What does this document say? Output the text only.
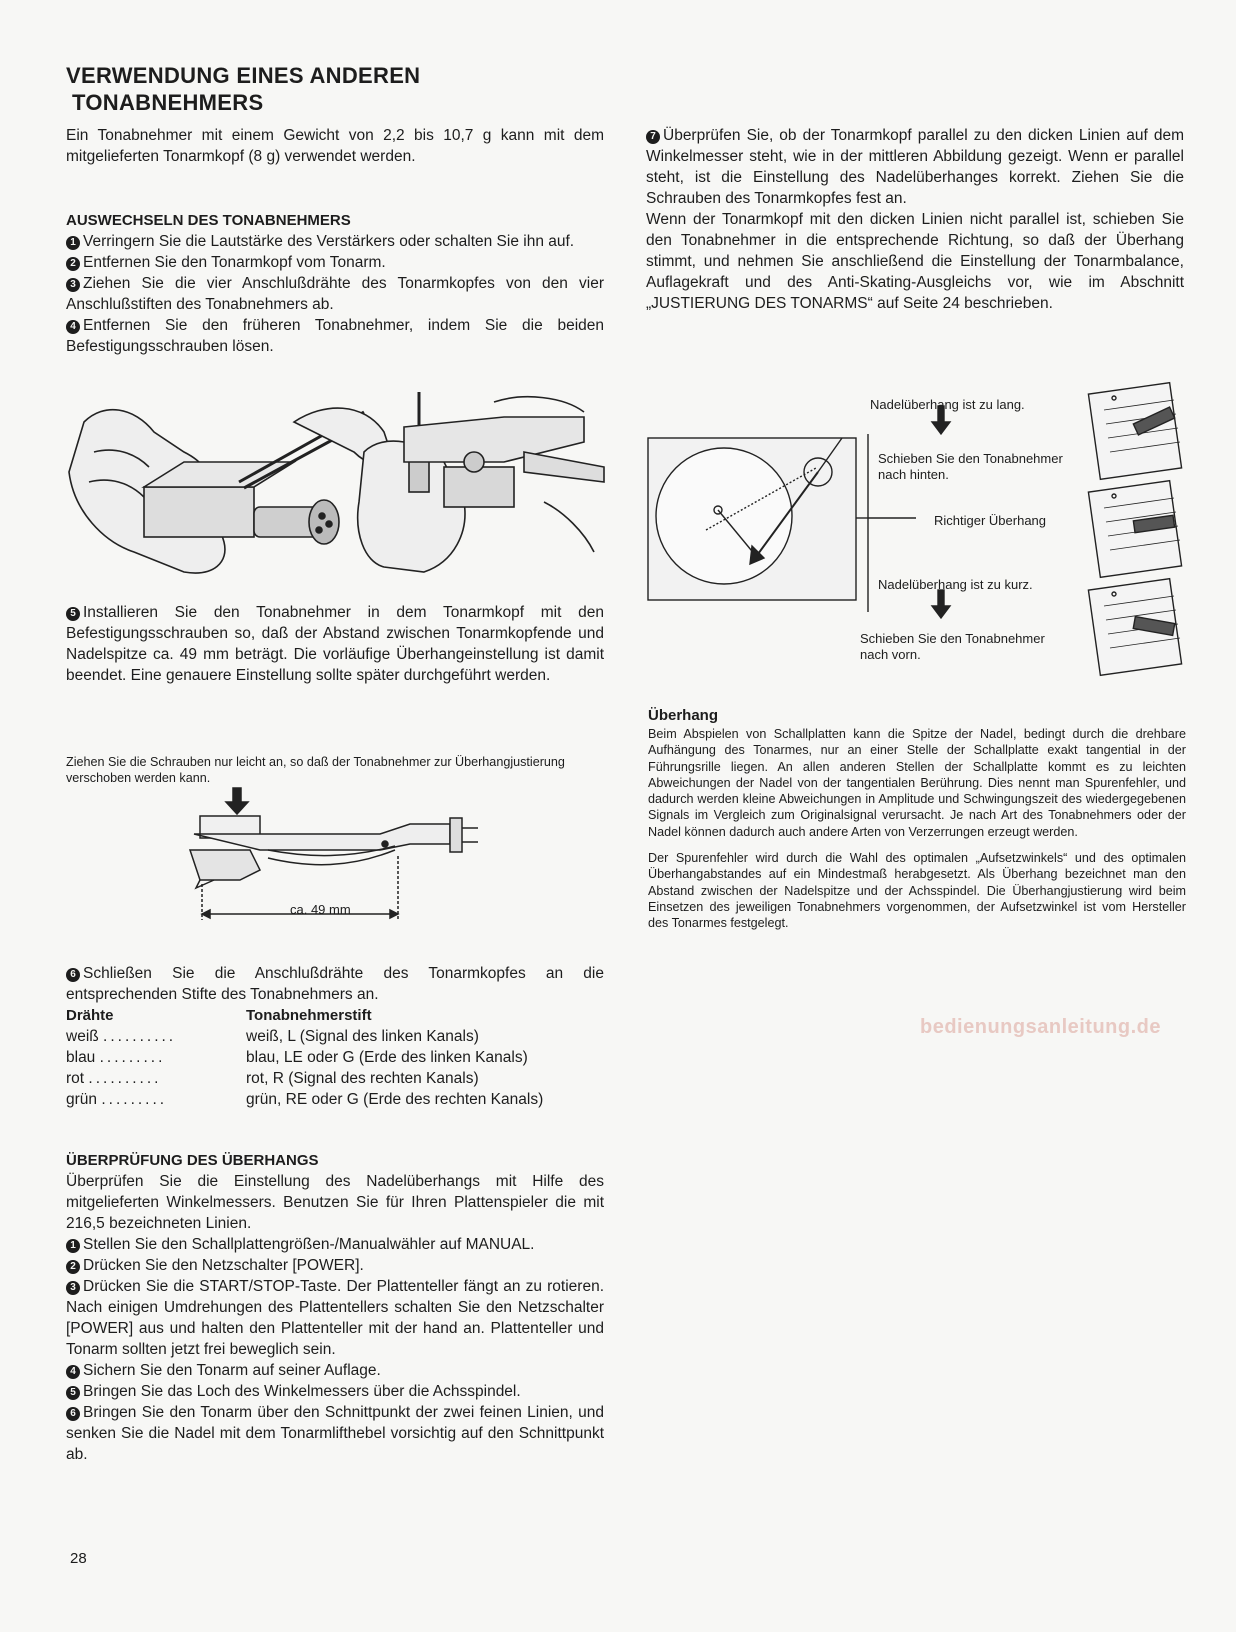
VERWENDUNG EINES ANDEREN
TONABNEHMERS

Ein Tonabnehmer mit einem Gewicht von 2,2 bis 10,7 g kann mit dem mitgelieferten Tonarmkopf (8 g) verwendet werden.

AUSWECHSELN DES TONABNEHMERS

1 Verringern Sie die Lautstärke des Verstärkers oder schalten Sie ihn auf.

2 Entfernen Sie den Tonarmkopf vom Tonarm.

3 Ziehen Sie die vier Anschlußdrähte des Tonarmkopfes von den vier Anschlußstiften des Tonabnehmers ab.

4 Entfernen Sie den früheren Tonabnehmer, indem Sie die beiden Befestigungsschrauben lösen.

5 Installieren Sie den Tonabnehmer in dem Tonarmkopf mit den Befestigungsschrauben so, daß der Abstand zwischen Tonarmkopfende und Nadelspitze ca. 49 mm beträgt. Die vorläufige Überhangeinstellung ist damit beendet. Eine genauere Einstellung sollte später durchgeführt werden.

Ziehen Sie die Schrauben nur leicht an, so daß der Tonabnehmer zur Überhangjustierung verschoben werden kann.

ca. 49 mm

6 Schließen Sie die Anschlußdrähte des Tonarmkopfes an die entsprechenden Stifte des Tonabnehmers an.

Drähte	Tonabnehmerstift
weiß ..........	weiß, L (Signal des linken Kanals)
blau .........	blau, LE oder G (Erde des linken Kanals)
rot ..........	rot, R (Signal des rechten Kanals)
grün .........	grün, RE oder G (Erde des rechten Kanals)

ÜBERPRÜFUNG DES ÜBERHANGS

Überprüfen Sie die Einstellung des Nadelüberhangs mit Hilfe des mitgelieferten Winkelmessers. Benutzen Sie für Ihren Plattenspieler die mit 216,5 bezeichneten Linien.

1 Stellen Sie den Schallplattengrößen-/Manualwähler auf MANUAL.

2 Drücken Sie den Netzschalter [POWER].

3 Drücken Sie die START/STOP-Taste. Der Plattenteller fängt an zu rotieren. Nach einigen Umdrehungen des Plattentellers schalten Sie den Netzschalter [POWER] aus und halten den Plattenteller mit der hand an. Plattenteller und Tonarm sollten jetzt frei beweglich sein.

4 Sichern Sie den Tonarm auf seiner Auflage.

5 Bringen Sie das Loch des Winkelmessers über die Achsspindel.

6 Bringen Sie den Tonarm über den Schnittpunkt der zwei feinen Linien, und senken Sie die Nadel mit dem Tonarmlifthebel vorsichtig auf den Schnittpunkt ab.

28

7 Überprüfen Sie, ob der Tonarmkopf parallel zu den dicken Linien auf dem Winkelmesser steht, wie in der mittleren Abbildung gezeigt. Wenn er parallel steht, ist die Einstellung des Nadelüberhanges korrekt. Ziehen Sie die Schrauben des Tonarmkopfes fest an.

Wenn der Tonarmkopf mit den dicken Linien nicht parallel ist, schieben Sie den Tonabnehmer in die entsprechende Richtung, so daß der Überhang stimmt, und nehmen Sie anschließend die Einstellung der Tonarmbalance, Auflagekraft und des Anti-Skating-Ausgleichs vor, wie im Abschnitt „JUSTIERUNG DES TONARMS“ auf Seite 24 beschrieben.

Nadelüberhang ist zu lang.
Schieben Sie den Tonabnehmer
nach hinten.
Richtiger Überhang
Nadelüberhang ist zu kurz.
Schieben Sie den Tonabnehmer
nach vorn.

Überhang

Beim Abspielen von Schallplatten kann die Spitze der Nadel, bedingt durch die drehbare Aufhängung des Tonarmes, nur an einer Stelle der Schallplatte exakt tangential in der Führungsrille liegen. An allen anderen Stellen der Schallplatte kommt es zu leichten Abweichungen der Nadel von der tangentialen Berührung. Dies nennt man Spurenfehler, und dadurch werden kleine Abweichungen in Amplitude und Schwingungszeit des wiedergegebenen Signals im Vergleich zum Originalsignal verursacht. Je nach Art des Tonabnehmers oder der Nadel können dadurch auch andere Arten von Verzerrungen erzeugt werden.

Der Spurenfehler wird durch die Wahl des optimalen „Aufsetzwinkels“ und des optimalen Überhangabstandes auf ein Mindestmaß herabgesetzt. Als Überhang bezeichnet man den Abstand zwischen der Nadelspitze und der Achsspindel. Die Überhangjustierung wird beim Einsetzen des jeweiligen Tonabnehmers vorgenommen, der Aufsetzwinkel ist vom Hersteller des Tonarmes festgelegt.

bedienungsanleitung.de
